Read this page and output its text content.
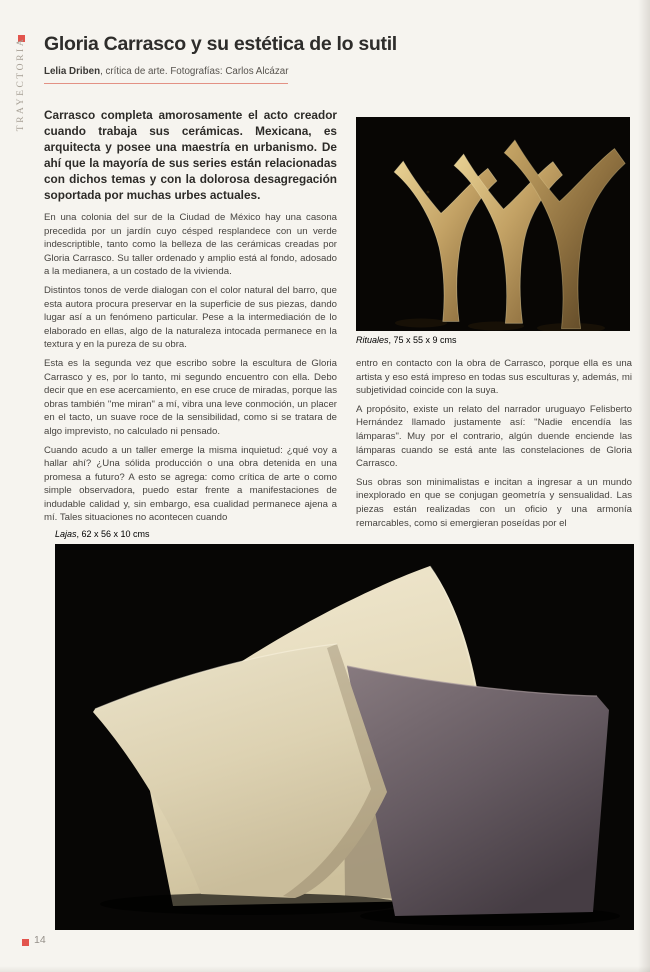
TRAYECTORIA Gloria Carrasco y su estética de lo sutil
Lelia Driben, crítica de arte. Fotografías: Carlos Alcázar
Carrasco completa amorosamente el acto creador cuando trabaja sus cerámicas. Mexicana, es arquitecta y posee una maestría en urbanismo. De ahí que la mayoría de sus series están relacionadas con dichos temas y con la dolorosa desagregación soportada por muchas urbes actuales.

En una colonia del sur de la Ciudad de México hay una casona precedida por un jardín cuyo césped resplandece con un verde indescriptible, tanto como la belleza de las cerámicas creadas por Gloria Carrasco. Su taller ordenado y amplio está al fondo, adosado a la medianera, a un costado de la vivienda.

Distintos tonos de verde dialogan con el color natural del barro, que esta autora procura preservar en la superficie de sus piezas, dando lugar así a un fenómeno particular. Pese a la intermediación de lo elaborado en ellas, algo de la naturaleza intocada permanece en la textura y en la pureza de su obra.

Esta es la segunda vez que escribo sobre la escultura de Gloria Carrasco y es, por lo tanto, mi segundo encuentro con ella. Debo decir que en ese acercamiento, en ese cruce de miradas, porque las obras también "me miran" a mí, vibra una leve conmoción, un placer en el tacto, un suave roce de la sensibilidad, como si se tratara de algo imprevisto, no calculado ni pensado.

Cuando acudo a un taller emerge la misma inquietud: ¿qué voy a hallar ahí? ¿Una sólida producción o una obra detenida en una promesa a futuro? A esto se agrega: como crítica de arte o como simple observadora, puedo estar frente a manifestaciones de indudable calidad y, sin embargo, esa cualidad permanece ajena a mí. Tales situaciones no acontecen cuando

Rituales, 75 x 55 x 9 cms

entro en contacto con la obra de Carrasco, porque ella es una artista y eso está impreso en todas sus esculturas y, además, mi subjetividad coincide con la suya.

A propósito, existe un relato del narrador uruguayo Felisberto Hernández llamado justamente así: "Nadie encendía las lámparas". Muy por el contrario, algún duende enciende las lámparas cuando se está ante las constelaciones de Gloria Carrasco.

Sus obras son minimalistas e incitan a ingresar a un mundo inexplorado en que se conjugan geometría y sensualidad. Las piezas están realizadas con un oficio y una armonía remarcables, como si emergieran poseídas por el

Lajas, 62 x 56 x 10 cms
14
